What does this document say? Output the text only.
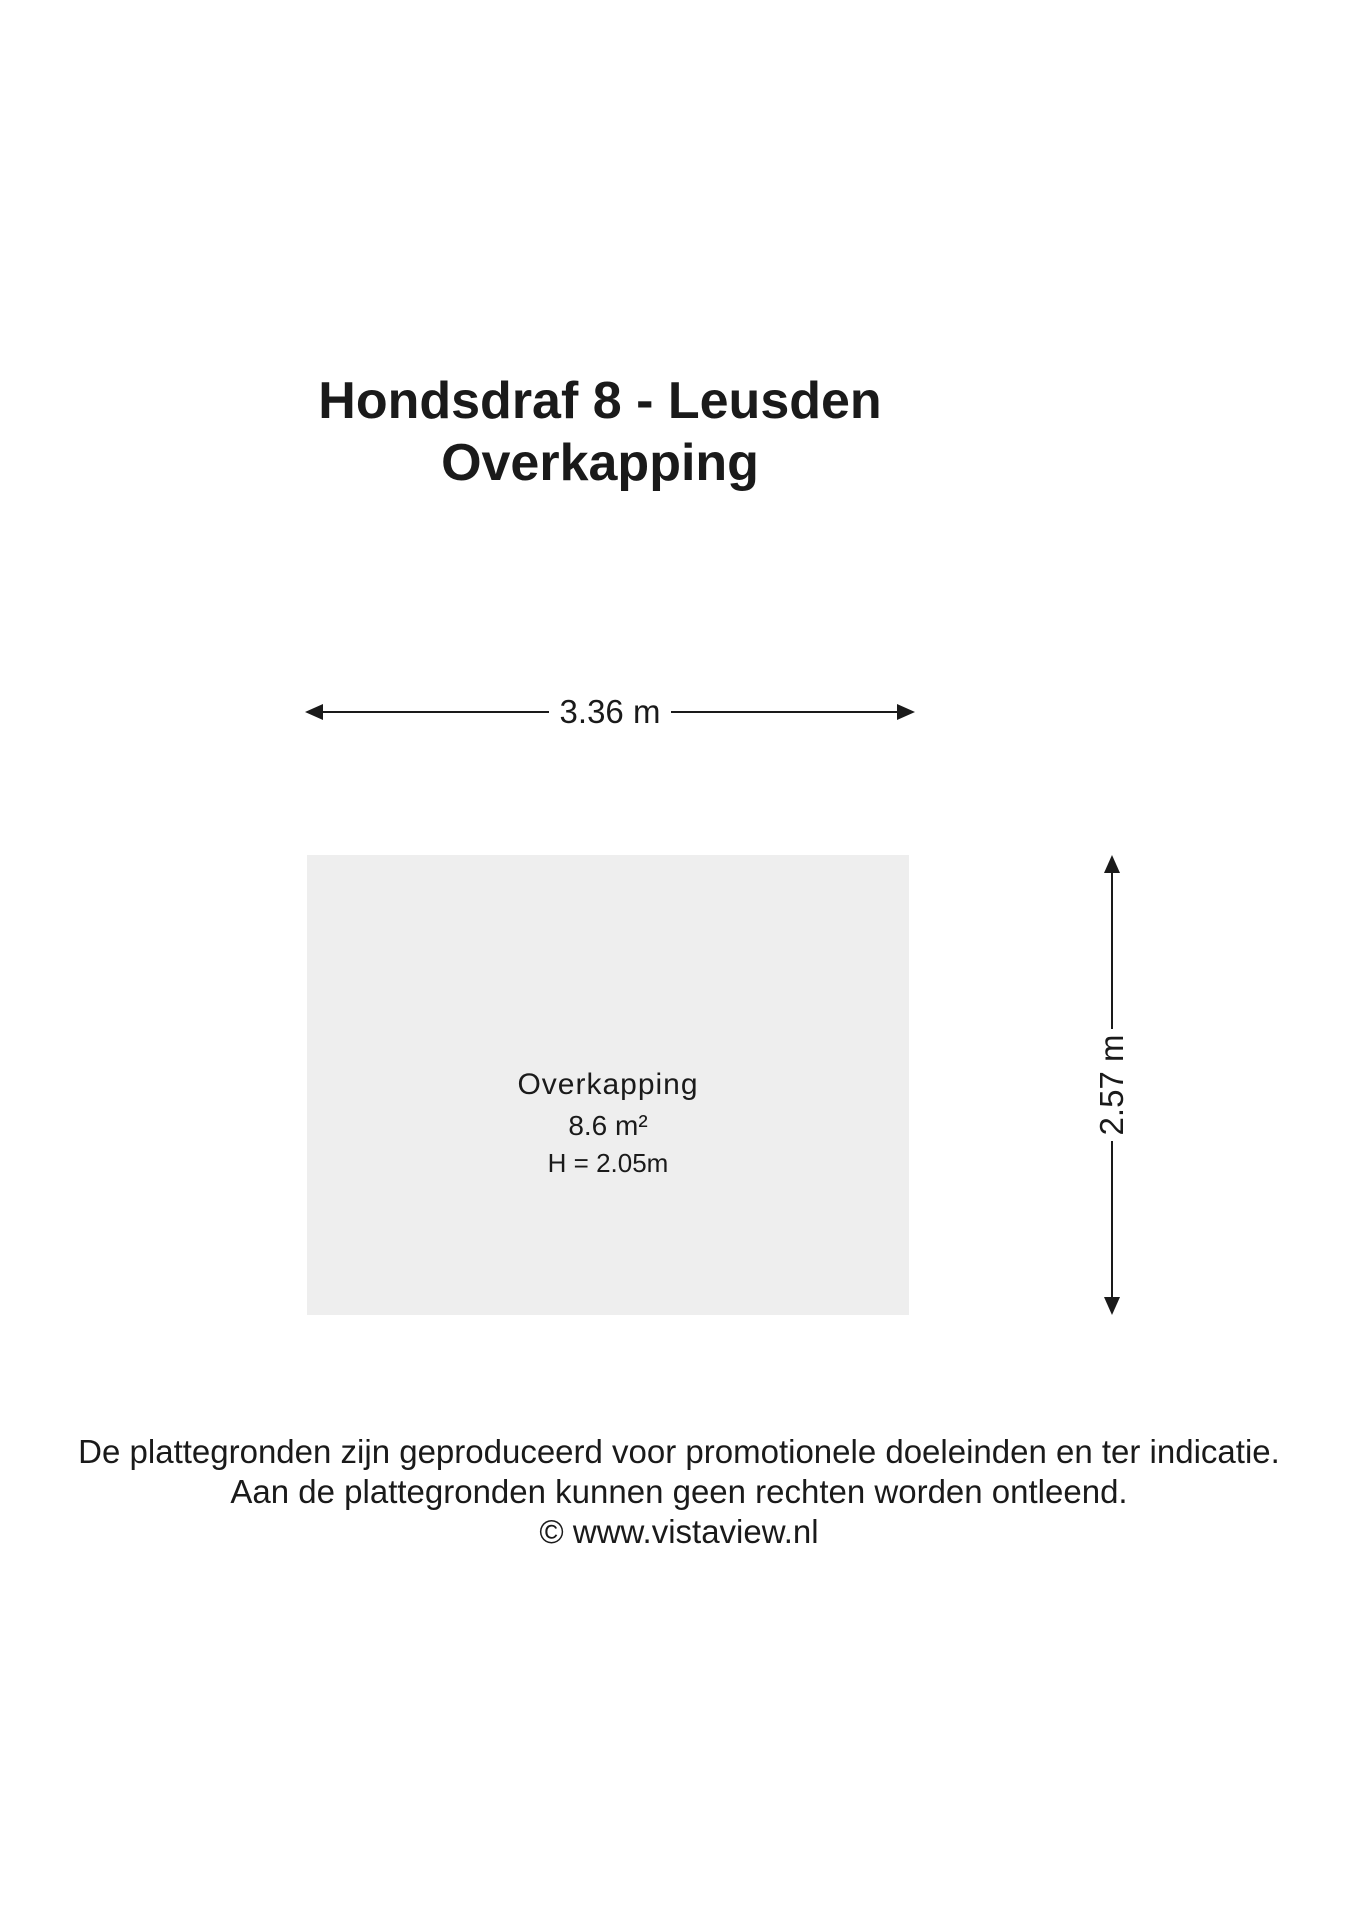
Hondsdraf 8 - Leusden
Overkapping
3.36 m
Overkapping
8.6 m²
H = 2.05m
2.57 m

De plattegronden zijn geproduceerd voor promotionele doeleinden en ter indicatie.

Aan de plattegronden kunnen geen rechten worden ontleend.

© www.vistaview.nl
